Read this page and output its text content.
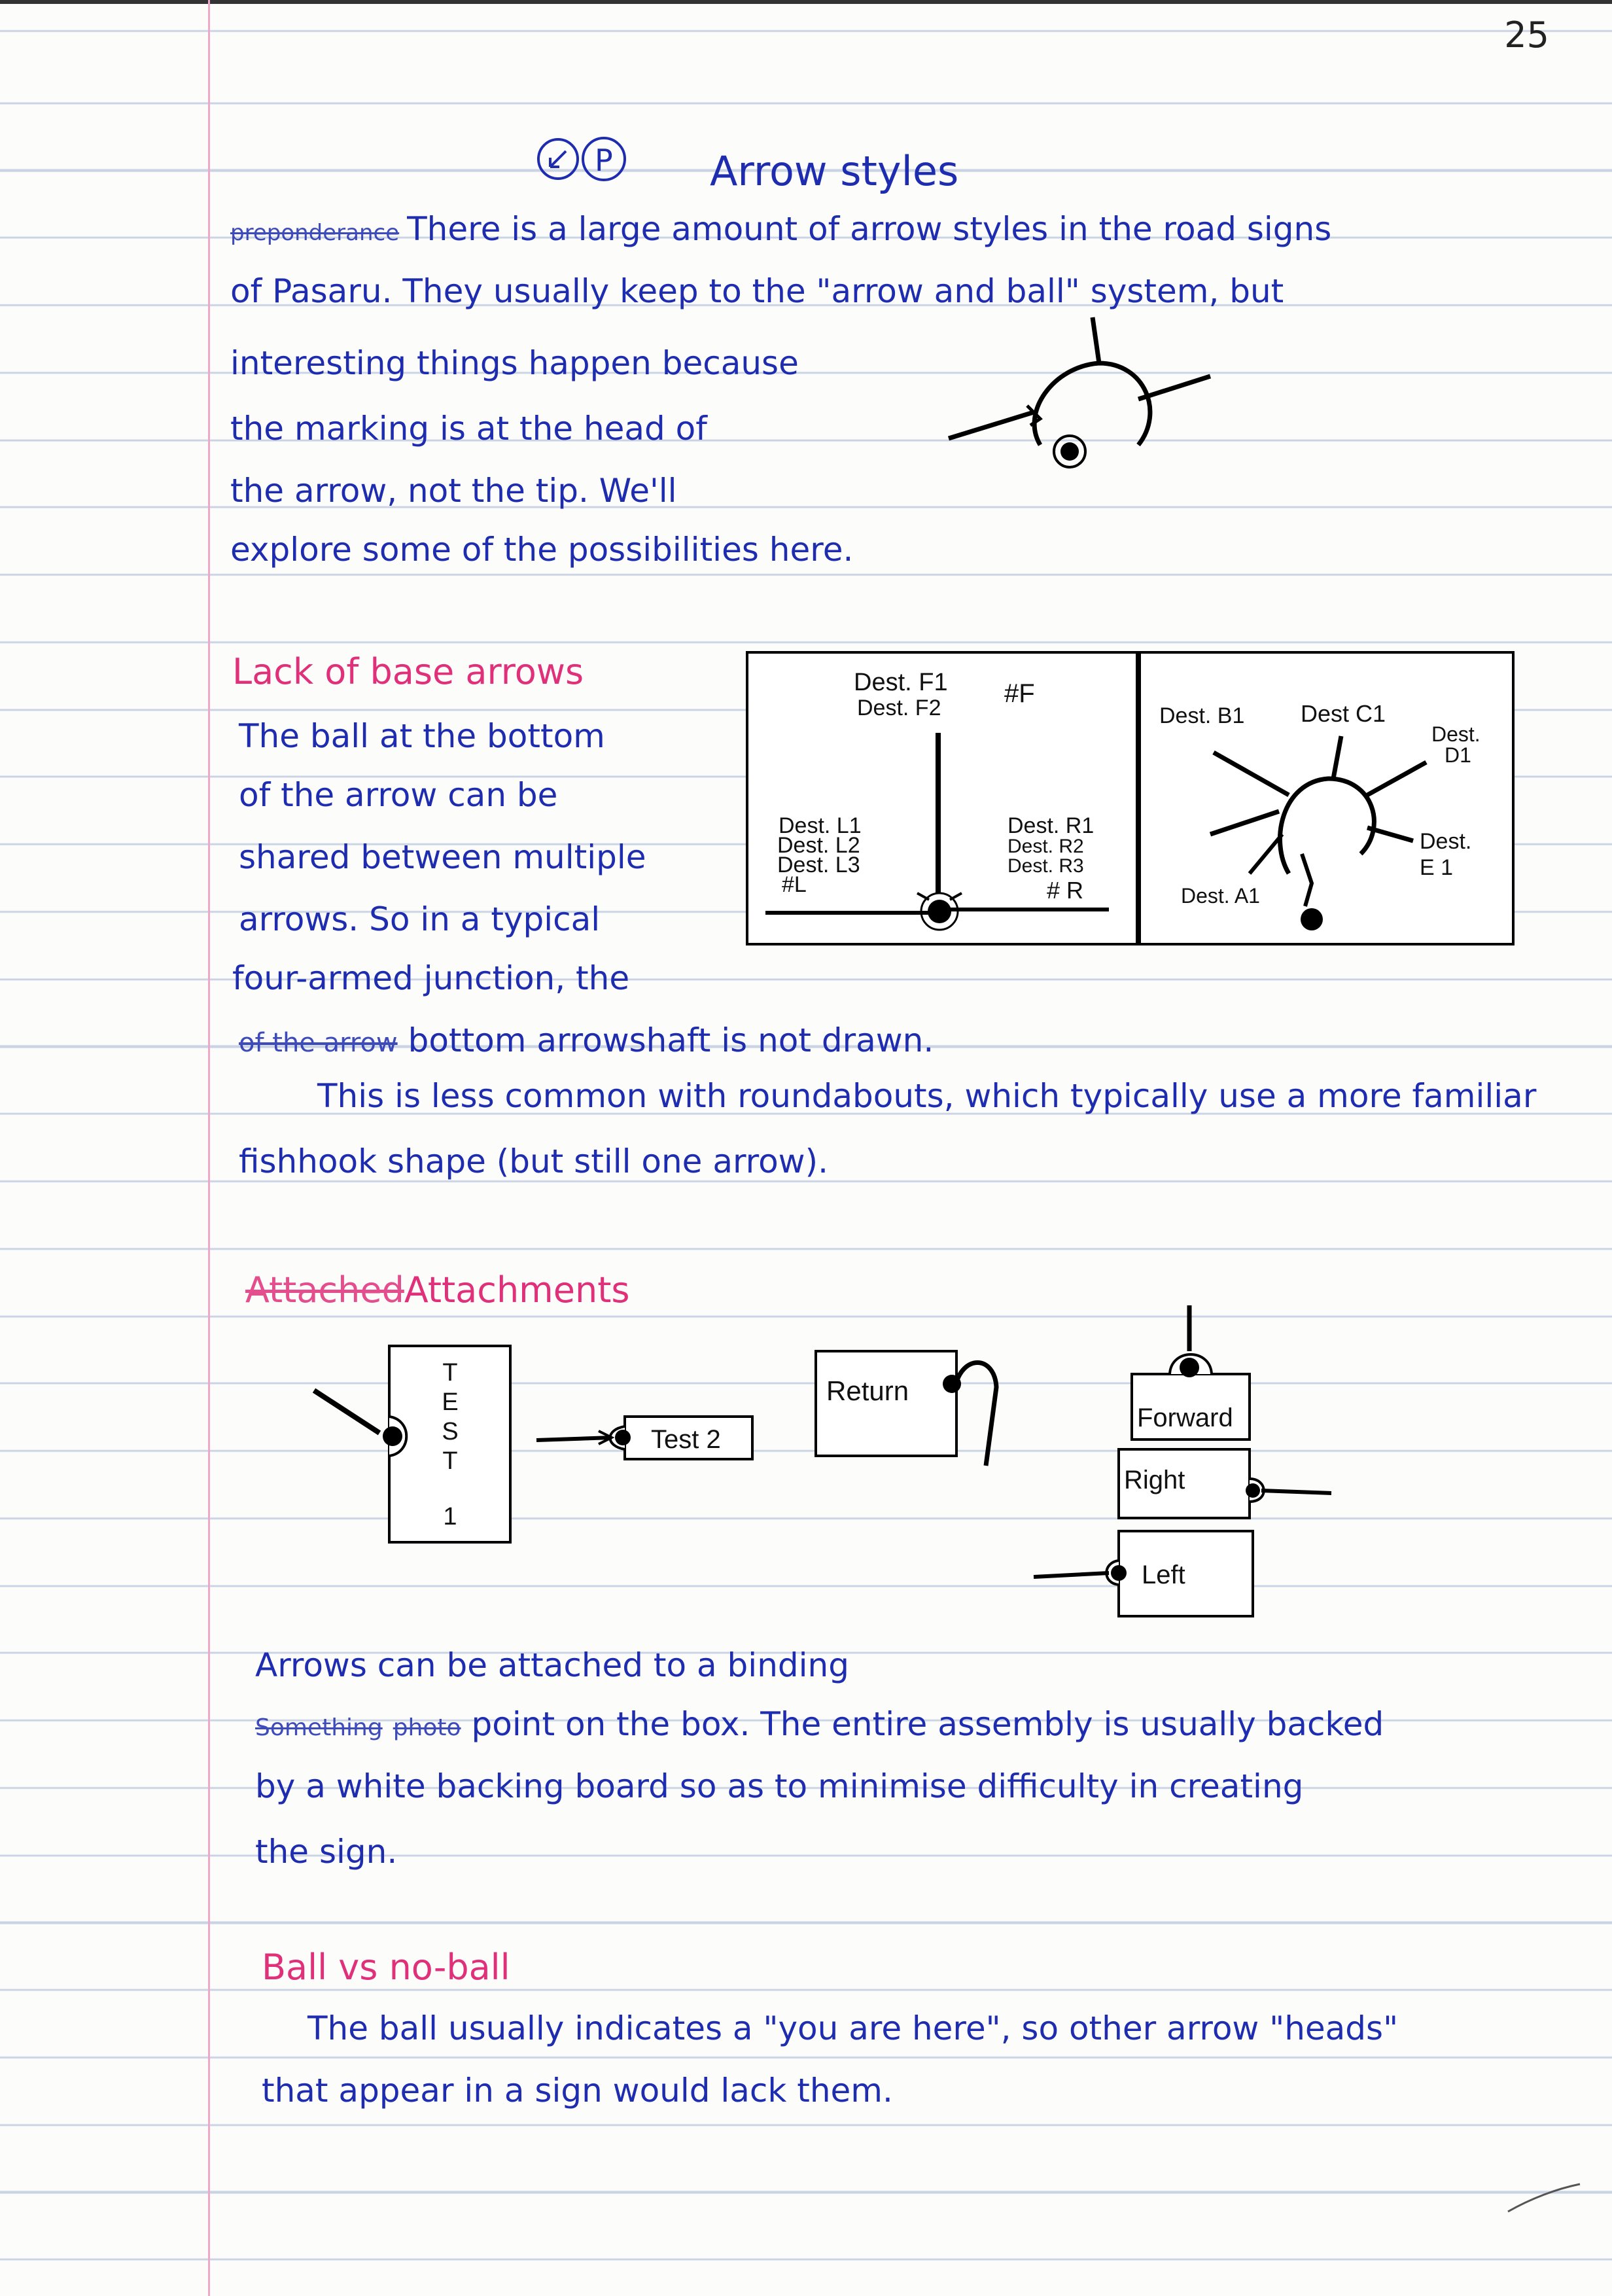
25
P Arrow styles
preponderance There is a large amount of arrow styles in the road signs
of Pasaru. They usually keep to the "arrow and ball" system, but
interesting things happen because
the marking is at the head of
the arrow, not the tip. We'll
explore some of the possibilities here.
Lack of base arrows
The ball at the bottom
of the arrow can be
shared between multiple
arrows. So in a typical
four-armed junction, the
of the arrow bottom arrowshaft is not drawn.
This is less common with roundabouts, which typically use a more familiar
fishhook shape (but still one arrow).
Dest. F1
Dest. F2 #F
Dest. L1
Dest. L2
Dest. L3
#L
Dest. R1
Dest. R2
Dest. R3
# R
Dest. B1 Dest C1
Dest.
D1
Dest.
E 1
Dest. A1
AttachedAttachments
T
E
S
T
1
Test 2
Return
Forward
Right
Left
Arrows can be attached to a binding
Something photo point on the box. The entire assembly is usually backed
by a white backing board so as to minimise difficulty in creating
the sign.
Ball vs no-ball
The ball usually indicates a "you are here", so other arrow "heads"
that appear in a sign would lack them.
